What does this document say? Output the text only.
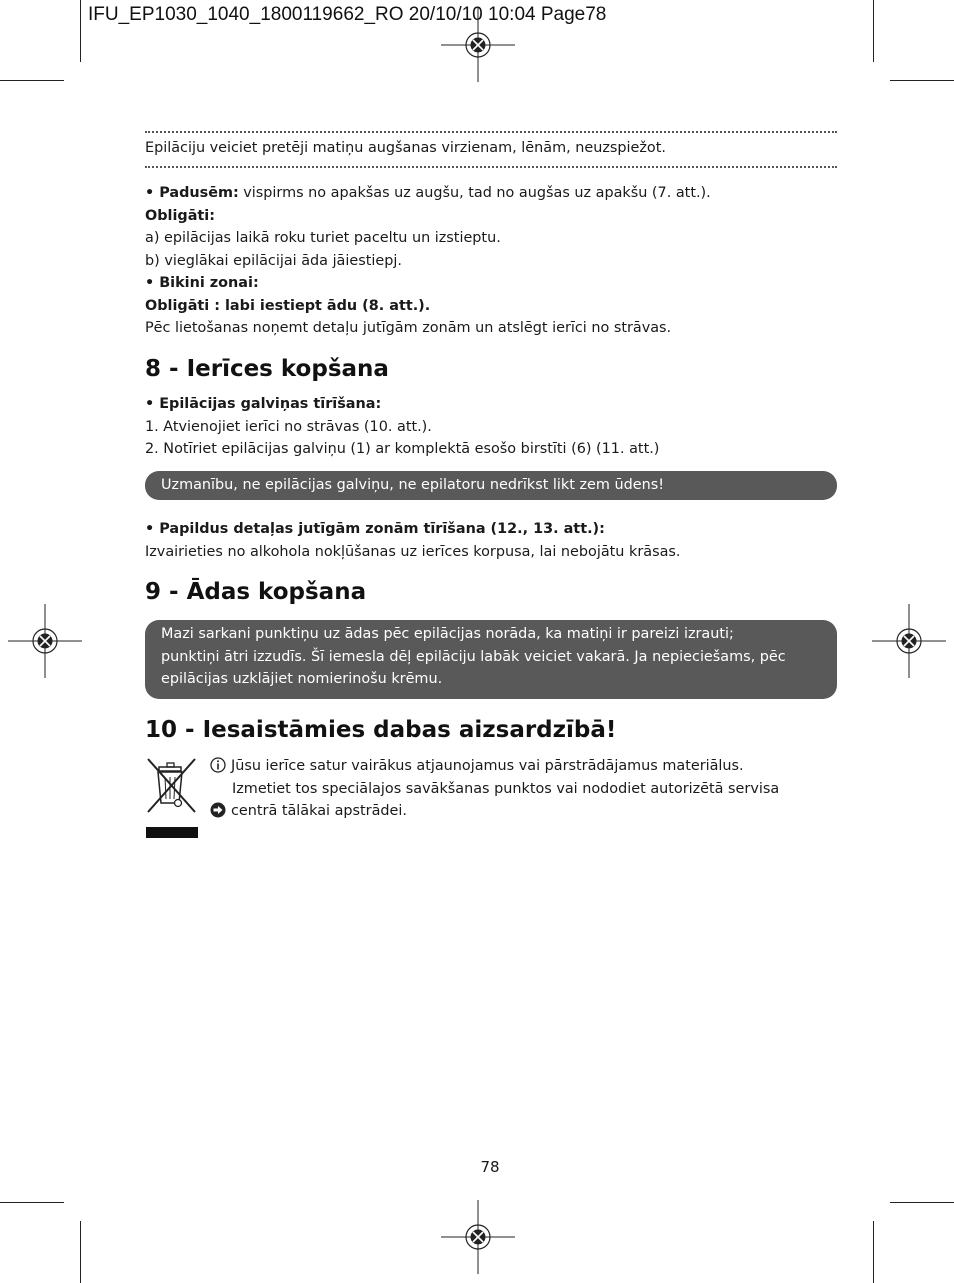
IFU_EP1030_1040_1800119662_RO 20/10/10 10:04 Page78

Epilāciju veiciet pretēji matiņu augšanas virzienam, lēnām, neuzspiežot.

• Padusēm: vispirms no apakšas uz augšu, tad no augšas uz apakšu (7. att.).

Obligāti:

a) epilācijas laikā roku turiet paceltu un izstieptu.

b) vieglākai epilācijai āda jāiestiepj.

• Bikini zonai:

Obligāti : labi iestiept ādu (8. att.).

Pēc lietošanas noņemt detaļu jutīgām zonām un atslēgt ierīci no strāvas.

8 - Ierīces kopšana

• Epilācijas galviņas tīrīšana:

1. Atvienojiet ierīci no strāvas (10. att.).

2. Notīriet epilācijas galviņu (1) ar komplektā esošo birstīti (6) (11. att.)

Uzmanību, ne epilācijas galviņu, ne epilatoru nedrīkst likt zem ūdens!

• Papildus detaļas jutīgām zonām tīrīšana (12., 13. att.):

Izvairieties no alkohola nokļūšanas uz ierīces korpusa, lai nebojātu krāsas.

9 - Ādas kopšana
Mazi sarkani punktiņu uz ādas pēc epilācijas norāda, ka matiņi ir pareizi izrauti;
punktiņi ātri izzudīs. Šī iemesla dēļ epilāciju labāk veiciet vakarā. Ja nepieciešams, pēc
epilācijas uzklājiet nomierinošu krēmu.
10 - Iesaistāmies dabas aizsardzībā!

Jūsu ierīce satur vairākus atjaunojamus vai pārstrādājamus materiālus.

Izmetiet tos speciālajos savākšanas punktos vai nododiet autorizētā servisa

centrā tālākai apstrādei.

78
